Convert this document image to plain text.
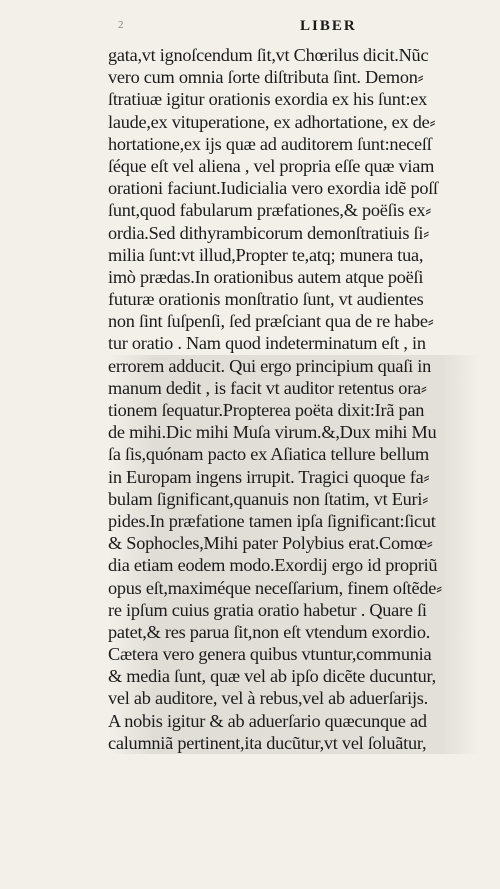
2	LIBER
gata,vt ignoſcendum ſit,vt Chœrilus dicit.Nũc
vero cum omnia ſorte diſtributa ſint. Demon⸗
ſtratiuæ igitur orationis exordia ex his ſunt:ex
laude,ex vituperatione, ex adhortatione, ex de⸗
hortatione,ex ijs quæ ad auditorem ſunt:neceſſ
ſéque eſt vel aliena , vel propria eſſe quæ viam
orationi faciunt.Iudicialia vero exordia idẽ poſſ
ſunt,quod fabularum præfationes,& poëſis ex⸗
ordia.Sed dithyrambicorum demonſtratiuis ſi⸗
milia ſunt:vt illud,Propter te,atq; munera tua,
imò prædas.In orationibus autem atque poëſi
futuræ orationis monſtratio ſunt, vt audientes
non ſint ſuſpenſi, ſed præſciant qua de re habe⸗
tur oratio . Nam quod indeterminatum eſt , in
errorem adducit. Qui ergo principium quaſi in
manum dedit , is facit vt auditor retentus ora⸗
tionem ſequatur.Propterea poëta dixit:Irã pan
de mihi.Dic mihi Muſa virum.&,Dux mihi Mu
ſa ſis,quónam pacto ex Aſiatica tellure bellum
in Europam ingens irrupit. Tragici quoque fa⸗
bulam ſignificant,quanuis non ſtatim, vt Euri⸗
pides.In præfatione tamen ipſa ſignificant:ſicut
& Sophocles,Mihi pater Polybius erat.Comœ⸗
dia etiam eodem modo.Exordij ergo id propriũ
opus eſt,maximéque neceſſarium, finem oſtẽde⸗
re ipſum cuius gratia oratio habetur . Quare ſi
patet,& res parua ſit,non eſt vtendum exordio.
Cætera vero genera quibus vtuntur,communia
& media ſunt, quæ vel ab ipſo dicẽte ducuntur,
vel ab auditore, vel à rebus,vel ab aduerſarijs.
A nobis igitur & ab aduerſario quæcunque ad
calumniã pertinent,ita ducũtur,vt vel ſoluãtur,
